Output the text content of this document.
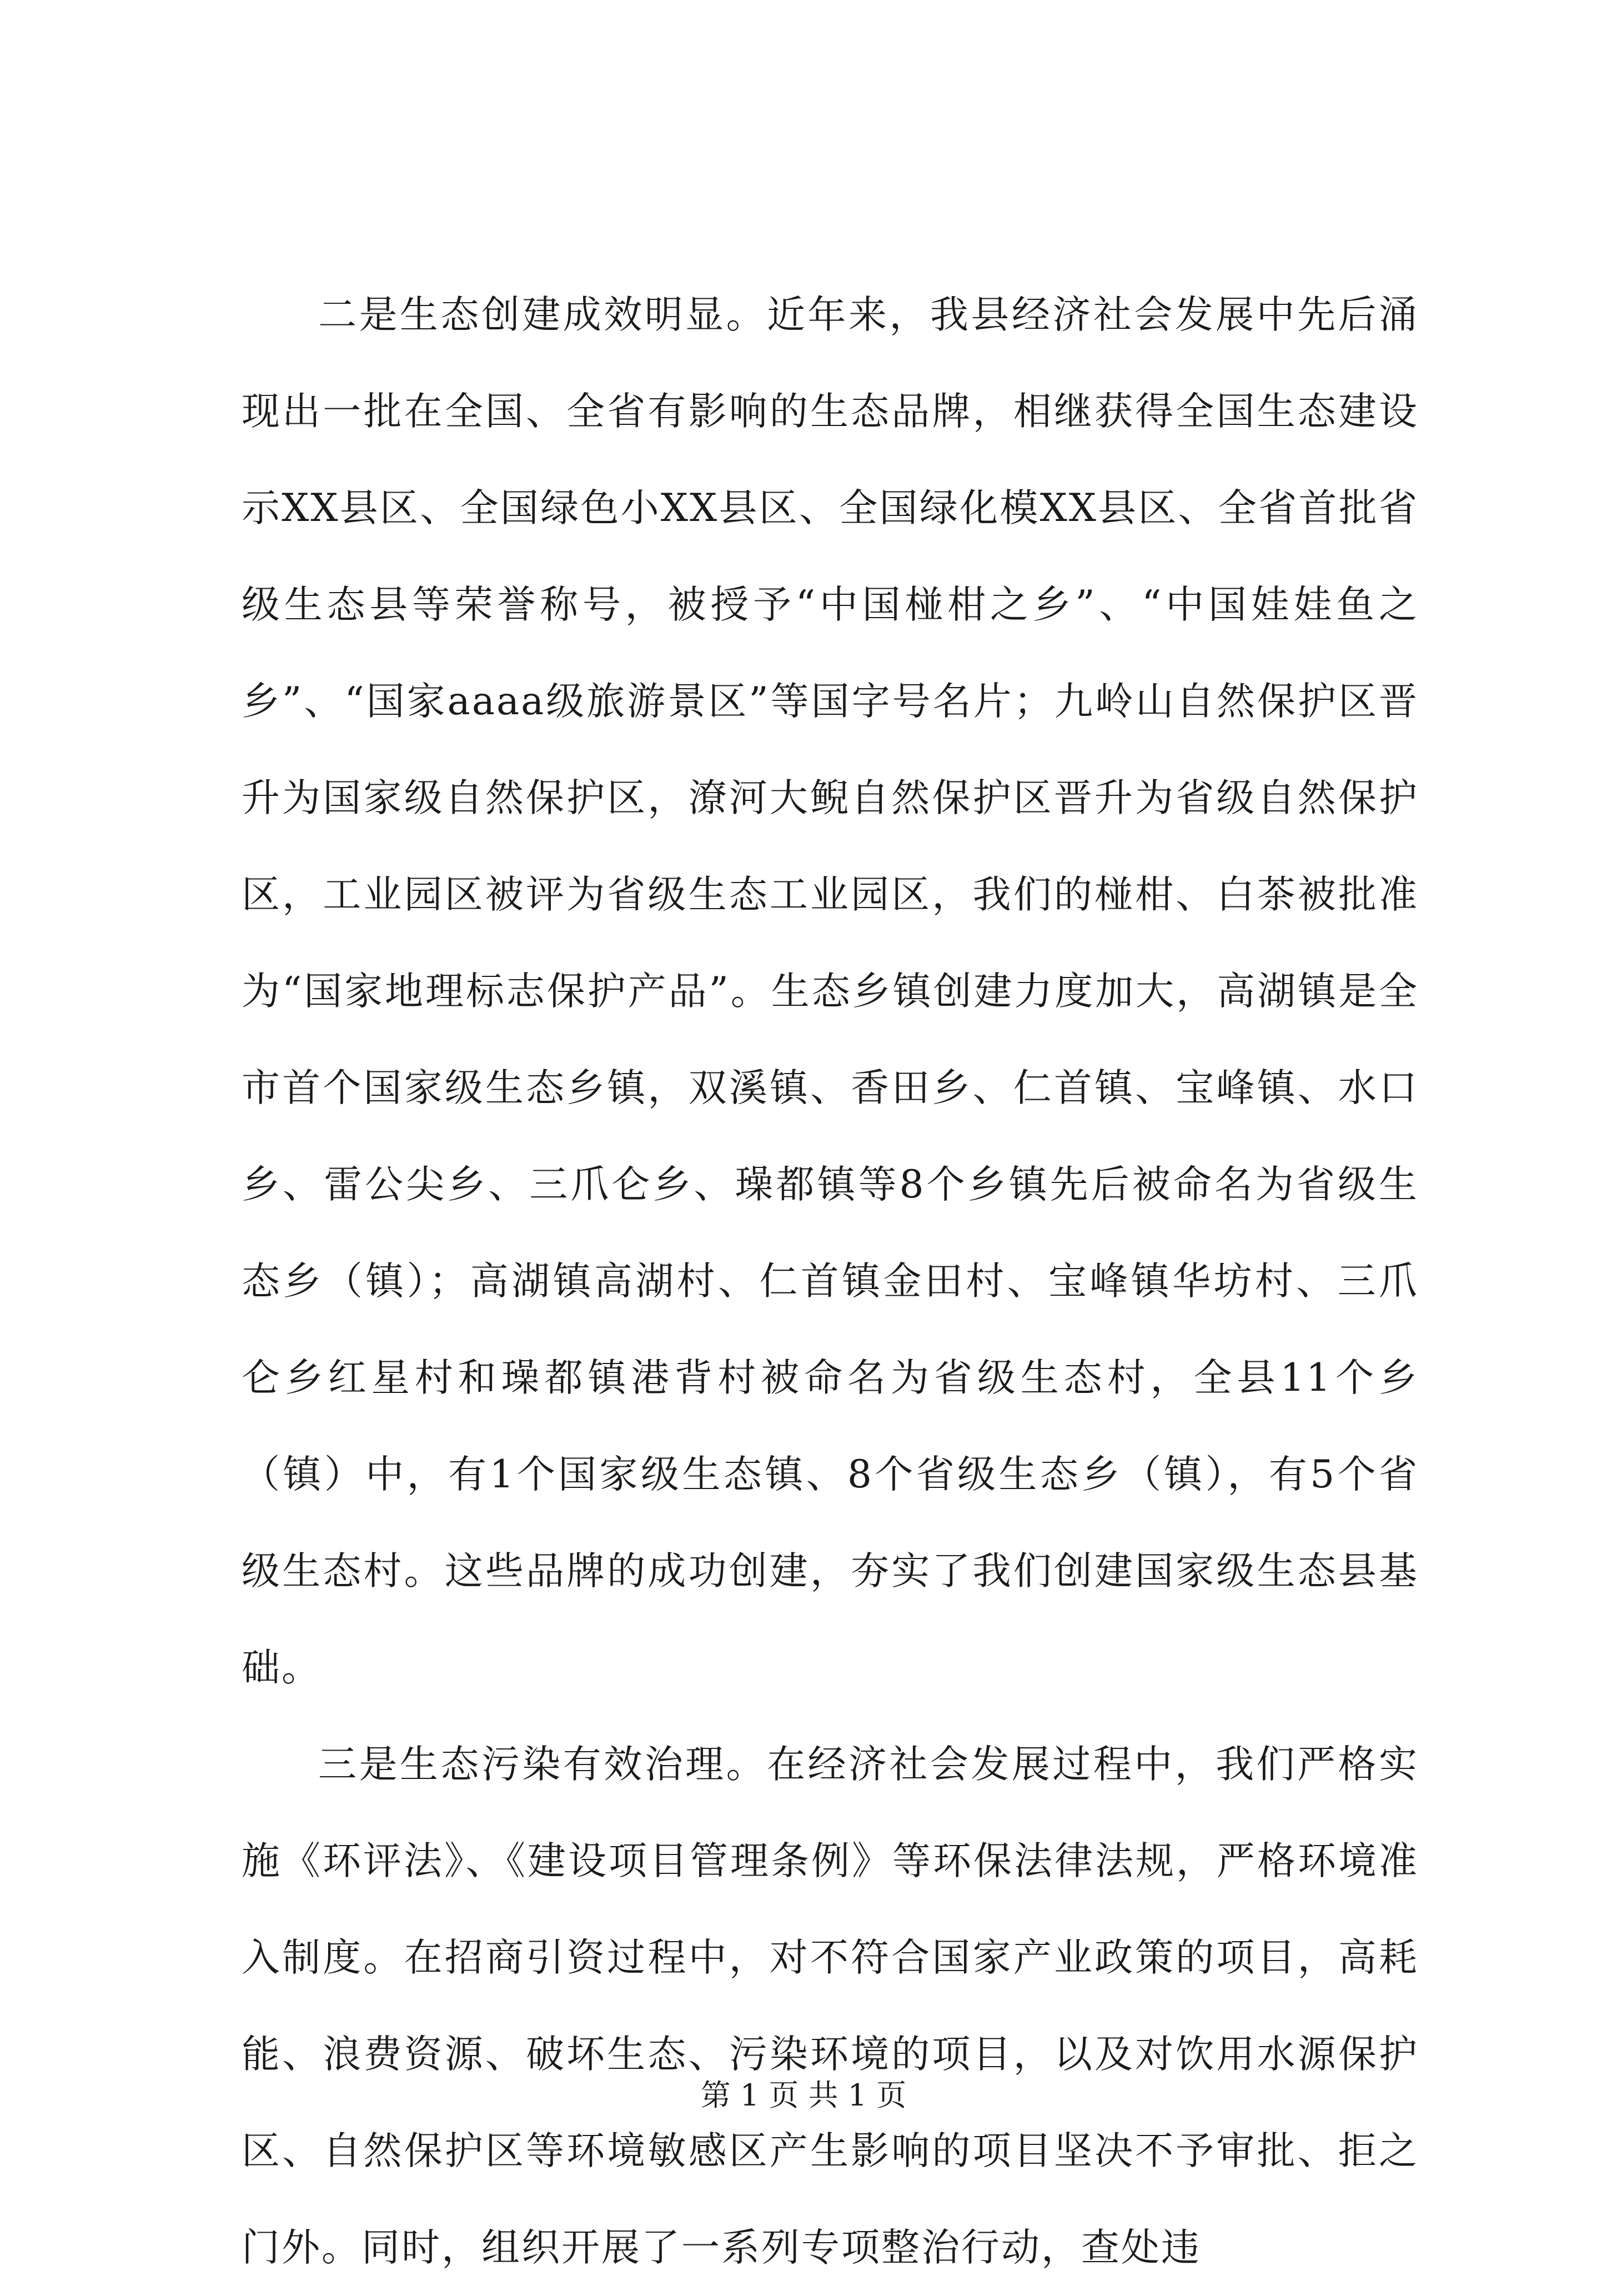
二是生态创建成效明显。近年来，我县经济社会发展中先后涌现出一批在全国、全省有影响的生态品牌，相继获得全国生态建设示XX县区、全国绿色小XX县区、全国绿化模XX县区、全省首批省级生态县等荣誉称号，被授予“中国椪柑之乡”、“中国娃娃鱼之乡”、“国家aaaa级旅游景区”等国字号名片；九岭山自然保护区晋升为国家级自然保护区，潦河大鲵自然保护区晋升为省级自然保护区，工业园区被评为省级生态工业园区，我们的椪柑、白茶被批准为“国家地理标志保护产品”。生态乡镇创建力度加大，高湖镇是全市首个国家级生态乡镇，双溪镇、香田乡、仁首镇、宝峰镇、水口乡、雷公尖乡、三爪仑乡、璪都镇等8个乡镇先后被命名为省级生态乡（镇）；高湖镇高湖村、仁首镇金田村、宝峰镇华坊村、三爪仑乡红星村和璪都镇港背村被命名为省级生态村，全县11个乡（镇）中，有1个国家级生态镇、8个省级生态乡（镇），有5个省级生态村。这些品牌的成功创建，夯实了我们创建国家级生态县基础。

三是生态污染有效治理。在经济社会发展过程中，我们严格实施《环评法》、《建设项目管理条例》等环保法律法规，严格环境准入制度。在招商引资过程中，对不符合国家产业政策的项目，高耗能、浪费资源、破坏生态、污染环境的项目，以及对饮用水源保护区、自然保护区等环境敏感区产生影响的项目坚决不予审批、拒之门外。同时，组织开展了一系列专项整治行动，查处违

第 1 页 共 1 页
